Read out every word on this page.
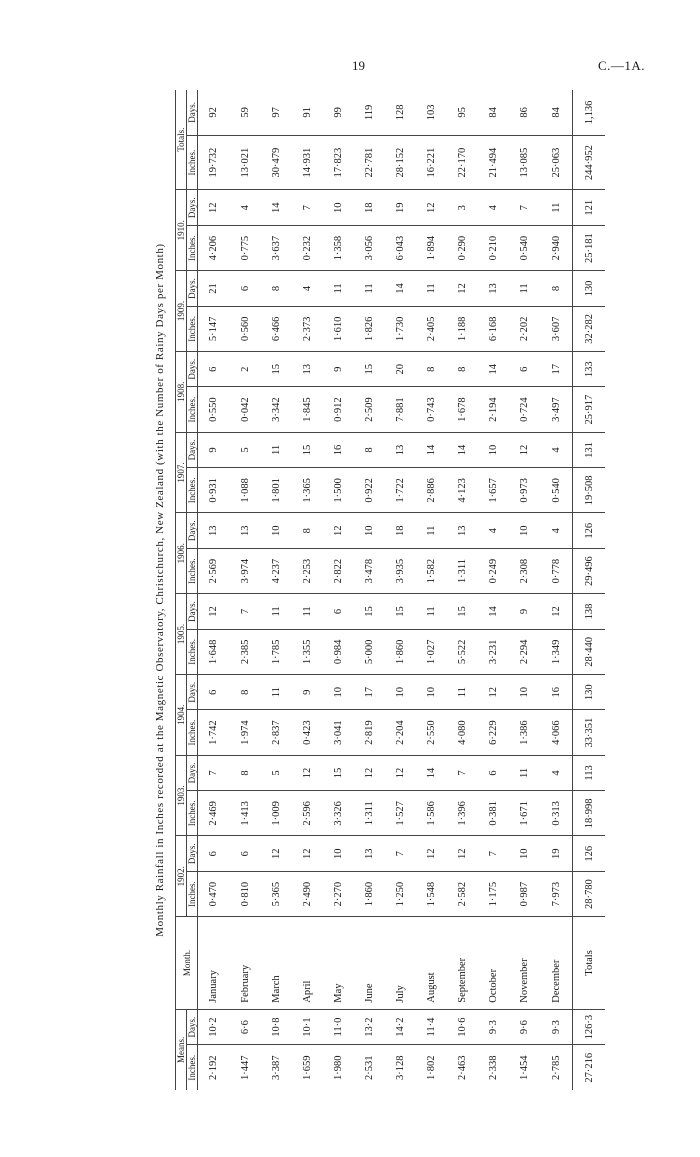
19	C.—1A.
Monthly Rainfall in Inches recorded at the Magnetic Observatory, Christchurch, New Zealand (with the Number of Rainy Days per Month)
Means.		Month.	1902.		1903.		1904.		1905.		1906.		1907.		1908.		1909.		1910.		Totals.	
Inches.	Days.		Inches.	Days.	Inches.	Days.	Inches.	Days.	Inches.	Days.	Inches.	Days.	Inches.	Days.	Inches.	Days.	Inches.	Days.	Inches.	Days.	Inches.	Days.
2·192	10·2	January	0·470	6	2·469	7	1·742	6	1·648	12	2·569	13	0·931	9	0·550	6	5·147	21	4·206	12	19·732	92
1·447	6·6	February	0·810	6	1·413	8	1·974	8	2·385	7	3·974	13	1·088	5	0·042	2	0·560	6	0·775	4	13·021	59
3·387	10·8	March	5·365	12	1·009	5	2·837	11	1·785	11	4·237	10	1·801	11	3·342	15	6·466	8	3·637	14	30·479	97
1·659	10·1	April	2·490	12	2·596	12	0·423	9	1·355	11	2·253	8	1·365	15	1·845	13	2·373	4	0·232	7	14·931	91
1·980	11·0	May	2·270	10	3·326	15	3·041	10	0·984	6	2·822	12	1·500	16	0·912	9	1·610	11	1·358	10	17·823	99
2·531	13·2	June	1·860	13	1·311	12	2·819	17	5·000	15	3·478	10	0·922	8	2·509	15	1·826	11	3·056	18	22·781	119
3·128	14·2	July	1·250	7	1·527	12	2·204	10	1·860	15	3·935	18	1·722	13	7·881	20	1·730	14	6·043	19	28·152	128
1·802	11·4	August	1·548	12	1·586	14	2·550	10	1·027	11	1·582	11	2·886	14	0·743	8	2·405	11	1·894	12	16·221	103
2·463	10·6	September	2·582	12	1·396	7	4·080	11	5·522	15	1·311	13	4·123	14	1·678	8	1·188	12	0·290	3	22·170	95
2·338	9·3	October	1·175	7	0·381	6	6·229	12	3·231	14	0·249	4	1·657	10	2·194	14	6·168	13	0·210	4	21·494	84
1·454	9·6	November	0·987	10	1·671	11	1·386	10	2·294	9	2·308	10	0·973	12	0·724	6	2·202	11	0·540	7	13·085	86
2·785	9·3	December	7·973	19	0·313	4	4·066	16	1·349	12	0·778	4	0·540	4	3·497	17	3·607	8	2·940	11	25·063	84
27·216	126·3	Totals	28·780	126	18·998	113	33·351	130	28·440	138	29·496	126	19·508	131	25·917	133	32·282	130	25·181	121	244·952	1,136
